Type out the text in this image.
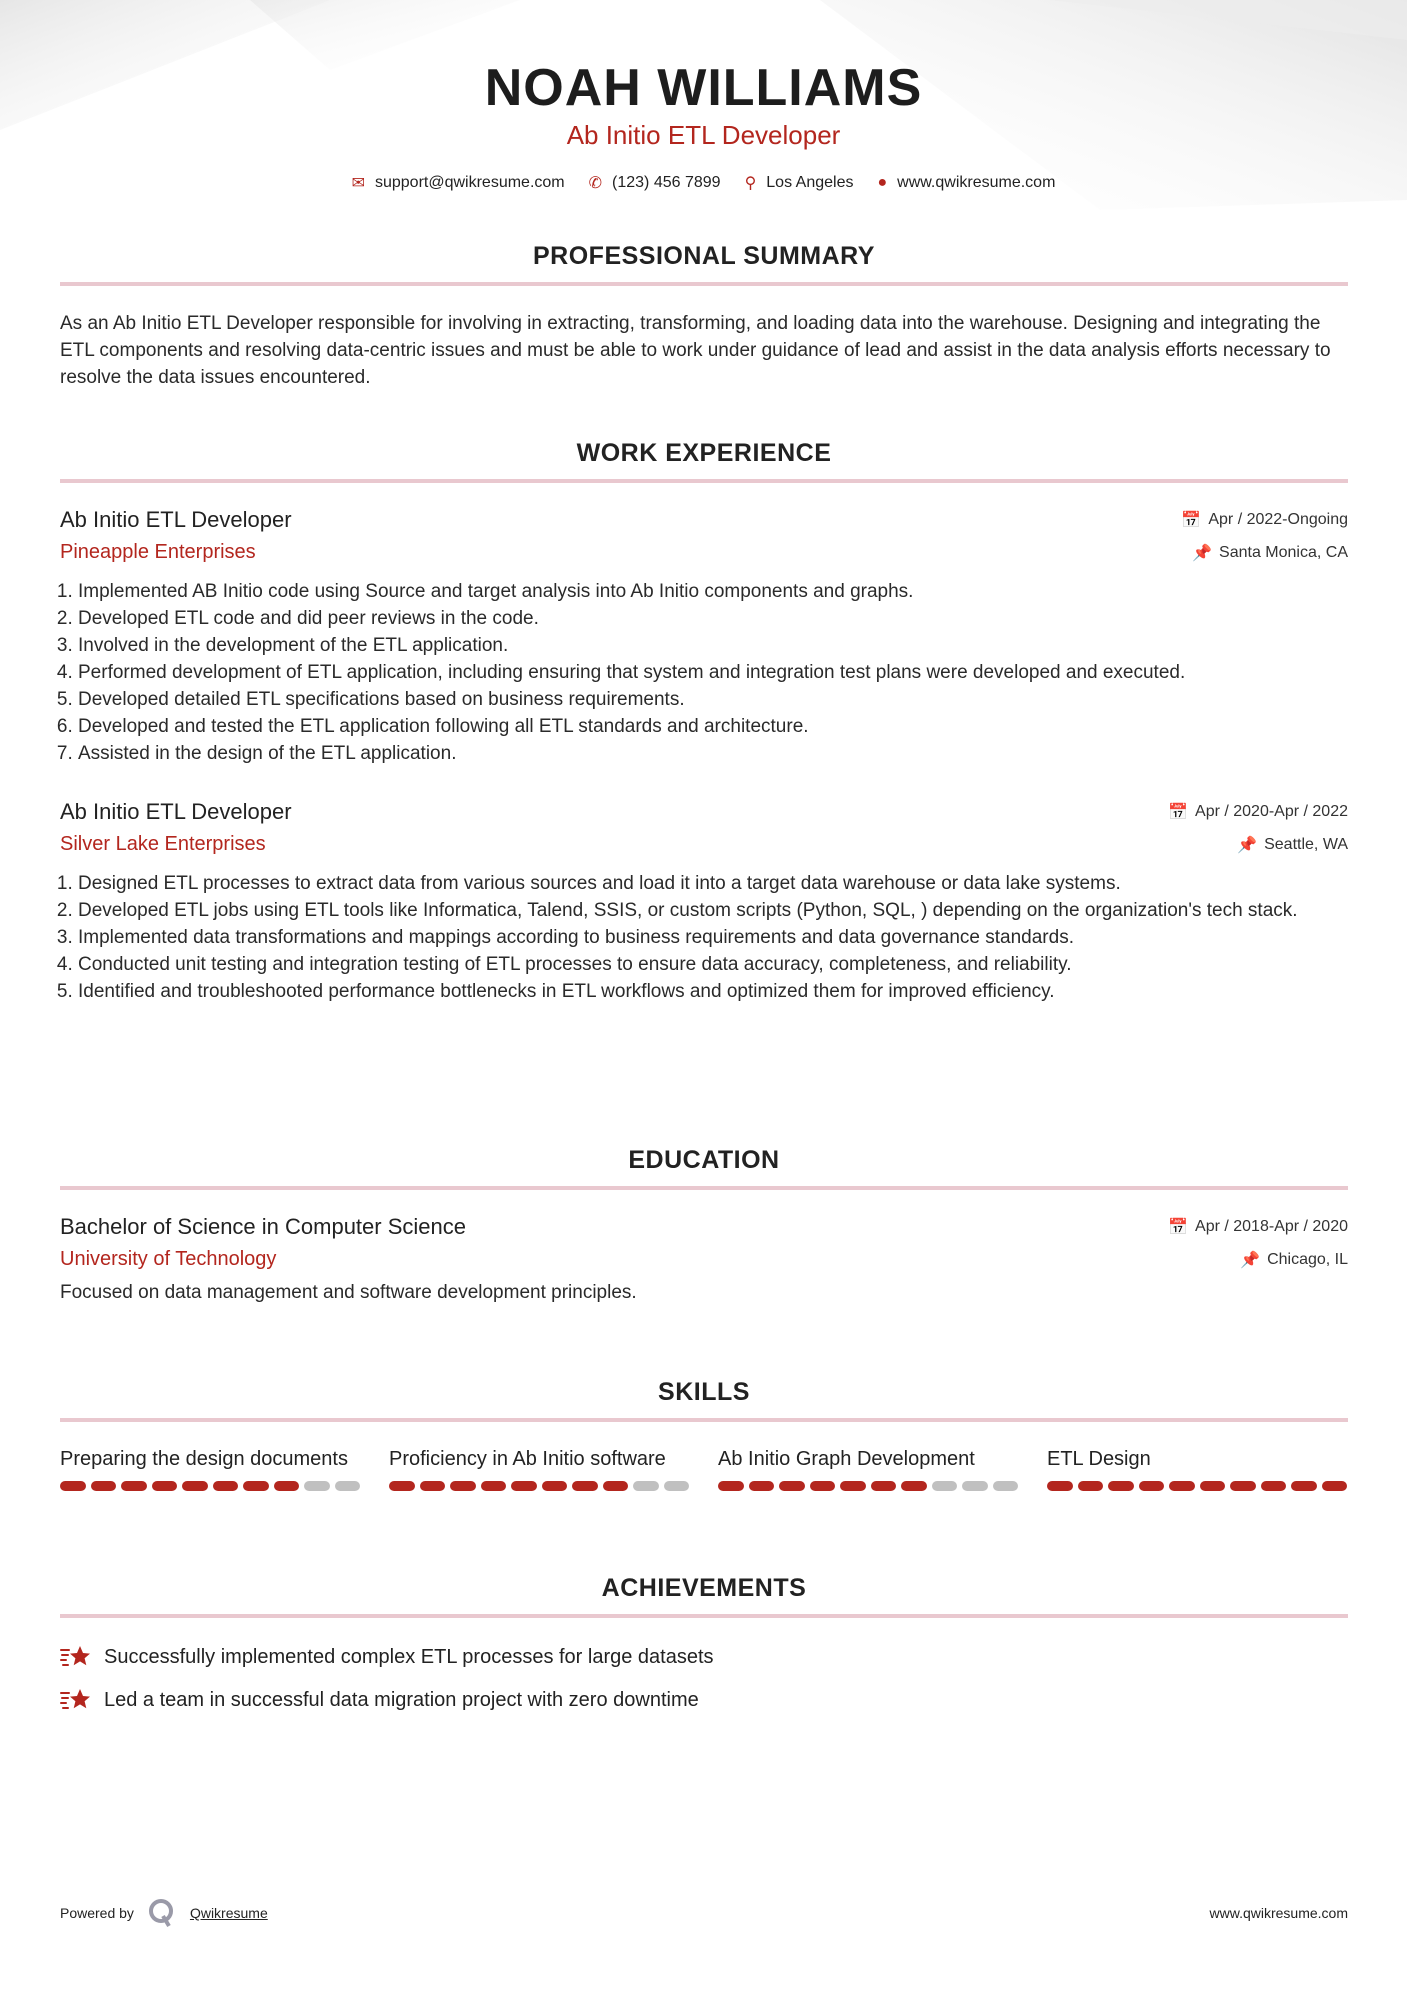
NOAH WILLIAMS
Ab Initio ETL Developer
✉ support@qwikresume.com ✆ (123) 456 7899 ⚲ Los Angeles ● www.qwikresume.com
PROFESSIONAL SUMMARY
As an Ab Initio ETL Developer responsible for involving in extracting, transforming, and loading data into the warehouse. Designing and integrating the ETL components and resolving data-centric issues and must be able to work under guidance of lead and assist in the data analysis efforts necessary to resolve the data issues encountered.
WORK EXPERIENCE
Ab Initio ETL Developer	📅 Apr / 2022-Ongoing
Pineapple Enterprises	📌 Santa Monica, CA
1. Implemented AB Initio code using Source and target analysis into Ab Initio components and graphs.
2. Developed ETL code and did peer reviews in the code.
3. Involved in the development of the ETL application.
4. Performed development of ETL application, including ensuring that system and integration test plans were developed and executed.
5. Developed detailed ETL specifications based on business requirements.
6. Developed and tested the ETL application following all ETL standards and architecture.
7. Assisted in the design of the ETL application.
Ab Initio ETL Developer	📅 Apr / 2020-Apr / 2022
Silver Lake Enterprises	📌 Seattle, WA
1. Designed ETL processes to extract data from various sources and load it into a target data warehouse or data lake systems.
2. Developed ETL jobs using ETL tools like Informatica, Talend, SSIS, or custom scripts (Python, SQL, ) depending on the organization's tech stack.
3. Implemented data transformations and mappings according to business requirements and data governance standards.
4. Conducted unit testing and integration testing of ETL processes to ensure data accuracy, completeness, and reliability.
5. Identified and troubleshooted performance bottlenecks in ETL workflows and optimized them for improved efficiency.
EDUCATION
Bachelor of Science in Computer Science	📅 Apr / 2018-Apr / 2020
University of Technology	📌 Chicago, IL
Focused on data management and software development principles.
SKILLS
Preparing the design documents	Proficiency in Ab Initio software	Ab Initio Graph Development	ETL Design
ACHIEVEMENTS
Successfully implemented complex ETL processes for large datasets
Led a team in successful data migration project with zero downtime
Powered by	Qwikresume	www.qwikresume.com
